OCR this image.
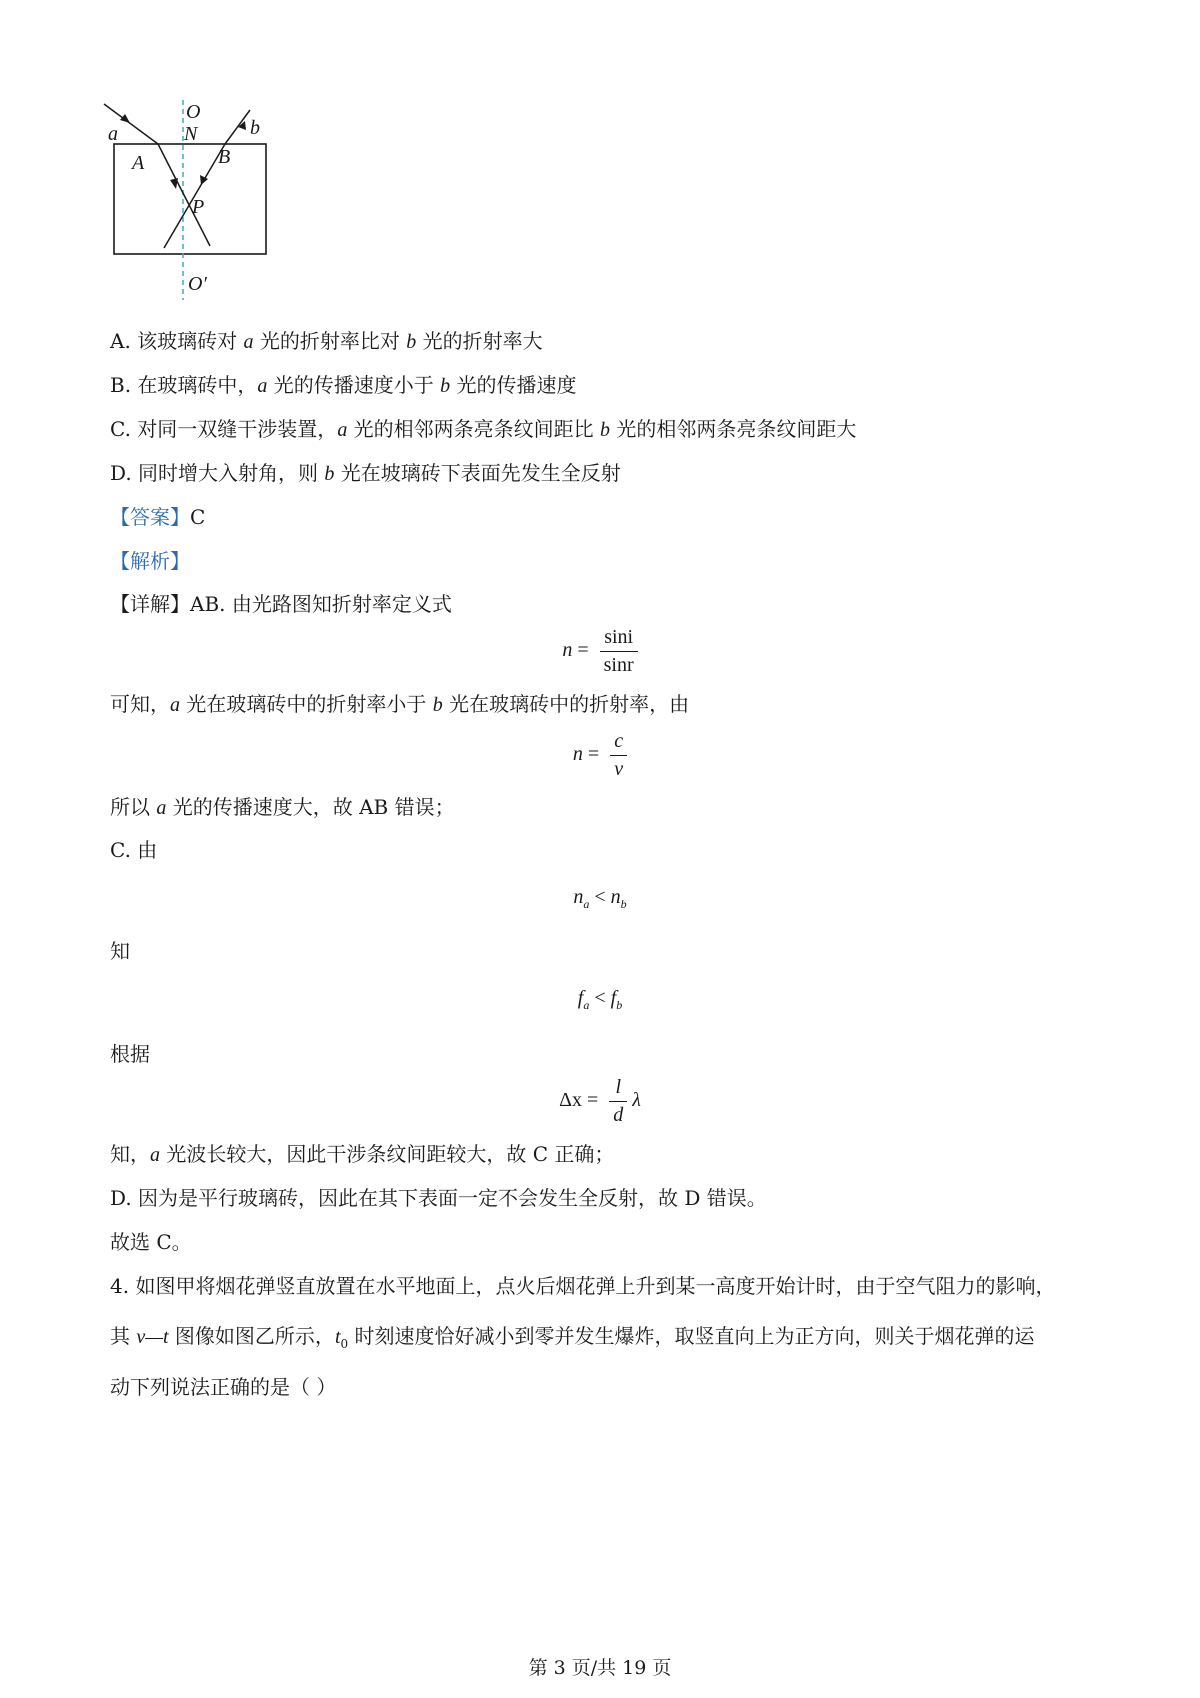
O
N
a	b
A	B
P
O′
A. 该玻璃砖对 a 光的折射率比对 b 光的折射率大
B. 在玻璃砖中，a 光的传播速度小于 b 光的传播速度
C. 对同一双缝干涉装置，a 光的相邻两条亮条纹间距比 b 光的相邻两条亮条纹间距大
D. 同时增大入射角，则 b 光在坡璃砖下表面先发生全反射
【答案】C
【解析】
【详解】AB. 由光路图知折射率定义式
$n = \frac{\sin i}{\sin r}$
可知，a 光在玻璃砖中的折射率小于 b 光在玻璃砖中的折射率，由
$n = \frac{c}{v}$
所以 a 光的传播速度大，故 AB 错误；
C. 由
$n_a < n_b$
知
$f_a < f_b$
根据
$\Delta x = \frac{l}{d}$ λ
知，a 光波长较大，因此干涉条纹间距较大，故 C 正确；
D. 因为是平行玻璃砖，因此在其下表面一定不会发生全反射，故 D 错误。
故选 C。
4. 如图甲将烟花弹竖直放置在水平地面上，点火后烟花弹上升到某一高度开始计时，由于空气阻力的影响，
其 v—t 图像如图乙所示，$t_0$ 时刻速度恰好减小到零并发生爆炸，取竖直向上为正方向，则关于烟花弹的运
动下列说法正确的是（ ）
第 3 页/共 19 页
